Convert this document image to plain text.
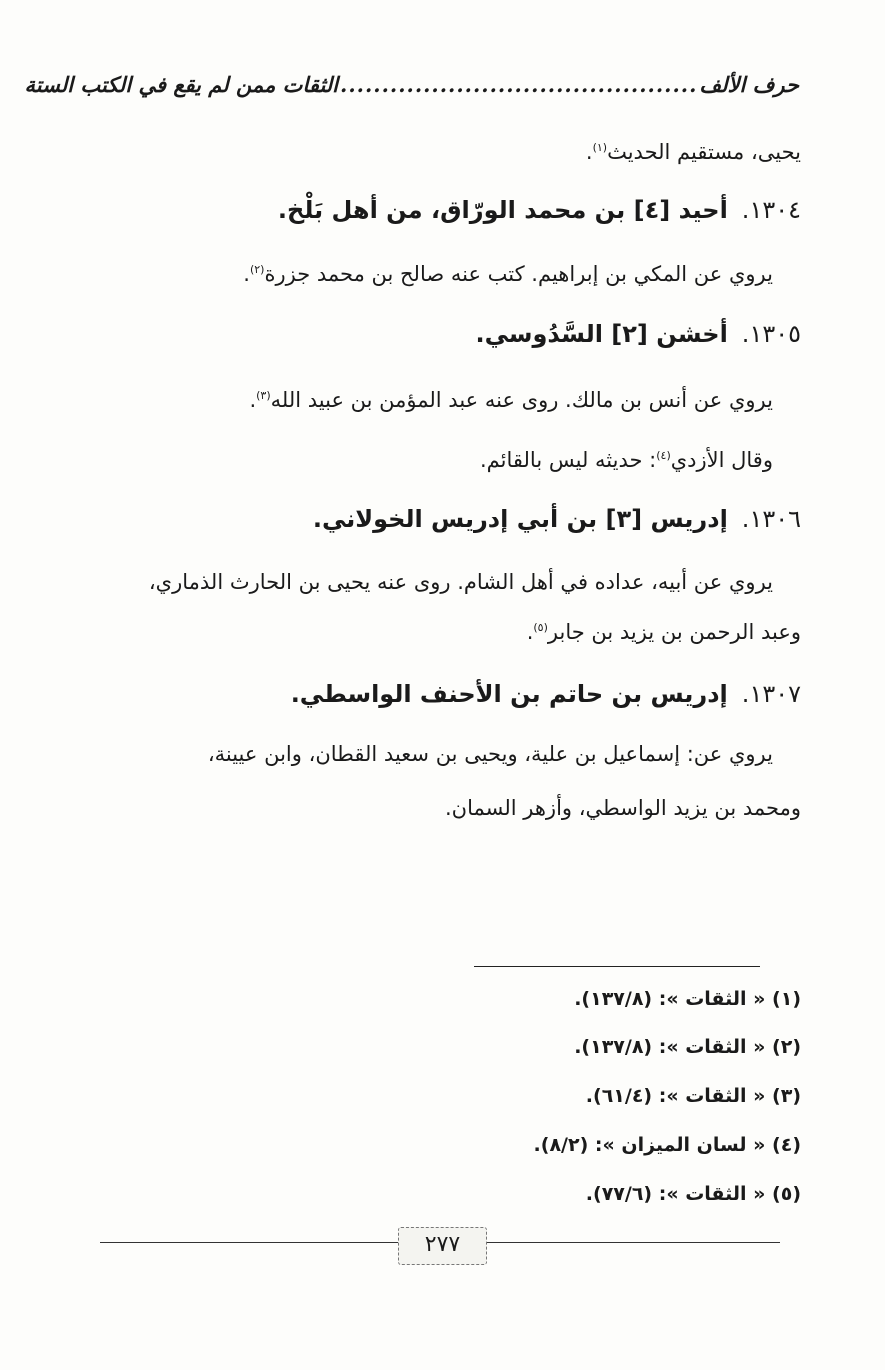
حرف الألف
...........................................
الثقات ممن لم يقع في الكتب الستة
يحيى، مستقيم الحديث$^{(١)}$.
١٣٠٤.أحيد [٤] بن محمد الورّاق، من أهل بَلْخ.
يروي عن المكي بن إبراهيم. كتب عنه صالح بن محمد جزرة$^{(٢)}$.
١٣٠٥.أخشن [٢] السَّدُوسي.
يروي عن أنس بن مالك. روى عنه عبد المؤمن بن عبيد الله$^{(٣)}$.
وقال الأزدي$^{(٤)}$: حديثه ليس بالقائم.
١٣٠٦.إدريس [٣] بن أبي إدريس الخولاني.
يروي عن أبيه، عداده في أهل الشام. روى عنه يحيى بن الحارث الذماري،
وعبد الرحمن بن يزيد بن جابر$^{(٥)}$.
١٣٠٧.إدريس بن حاتم بن الأحنف الواسطي.
يروي عن: إسماعيل بن علية، ويحيى بن سعيد القطان، وابن عيينة،
ومحمد بن يزيد الواسطي، وأزهر السمان.
(١) « الثقات »: (١٣٧/٨).
(٢) « الثقات »: (١٣٧/٨).
(٣) « الثقات »: (٦١/٤).
(٤) « لسان الميزان »: (٨/٢).
(٥) « الثقات »: (٧٧/٦).
٢٧٧
